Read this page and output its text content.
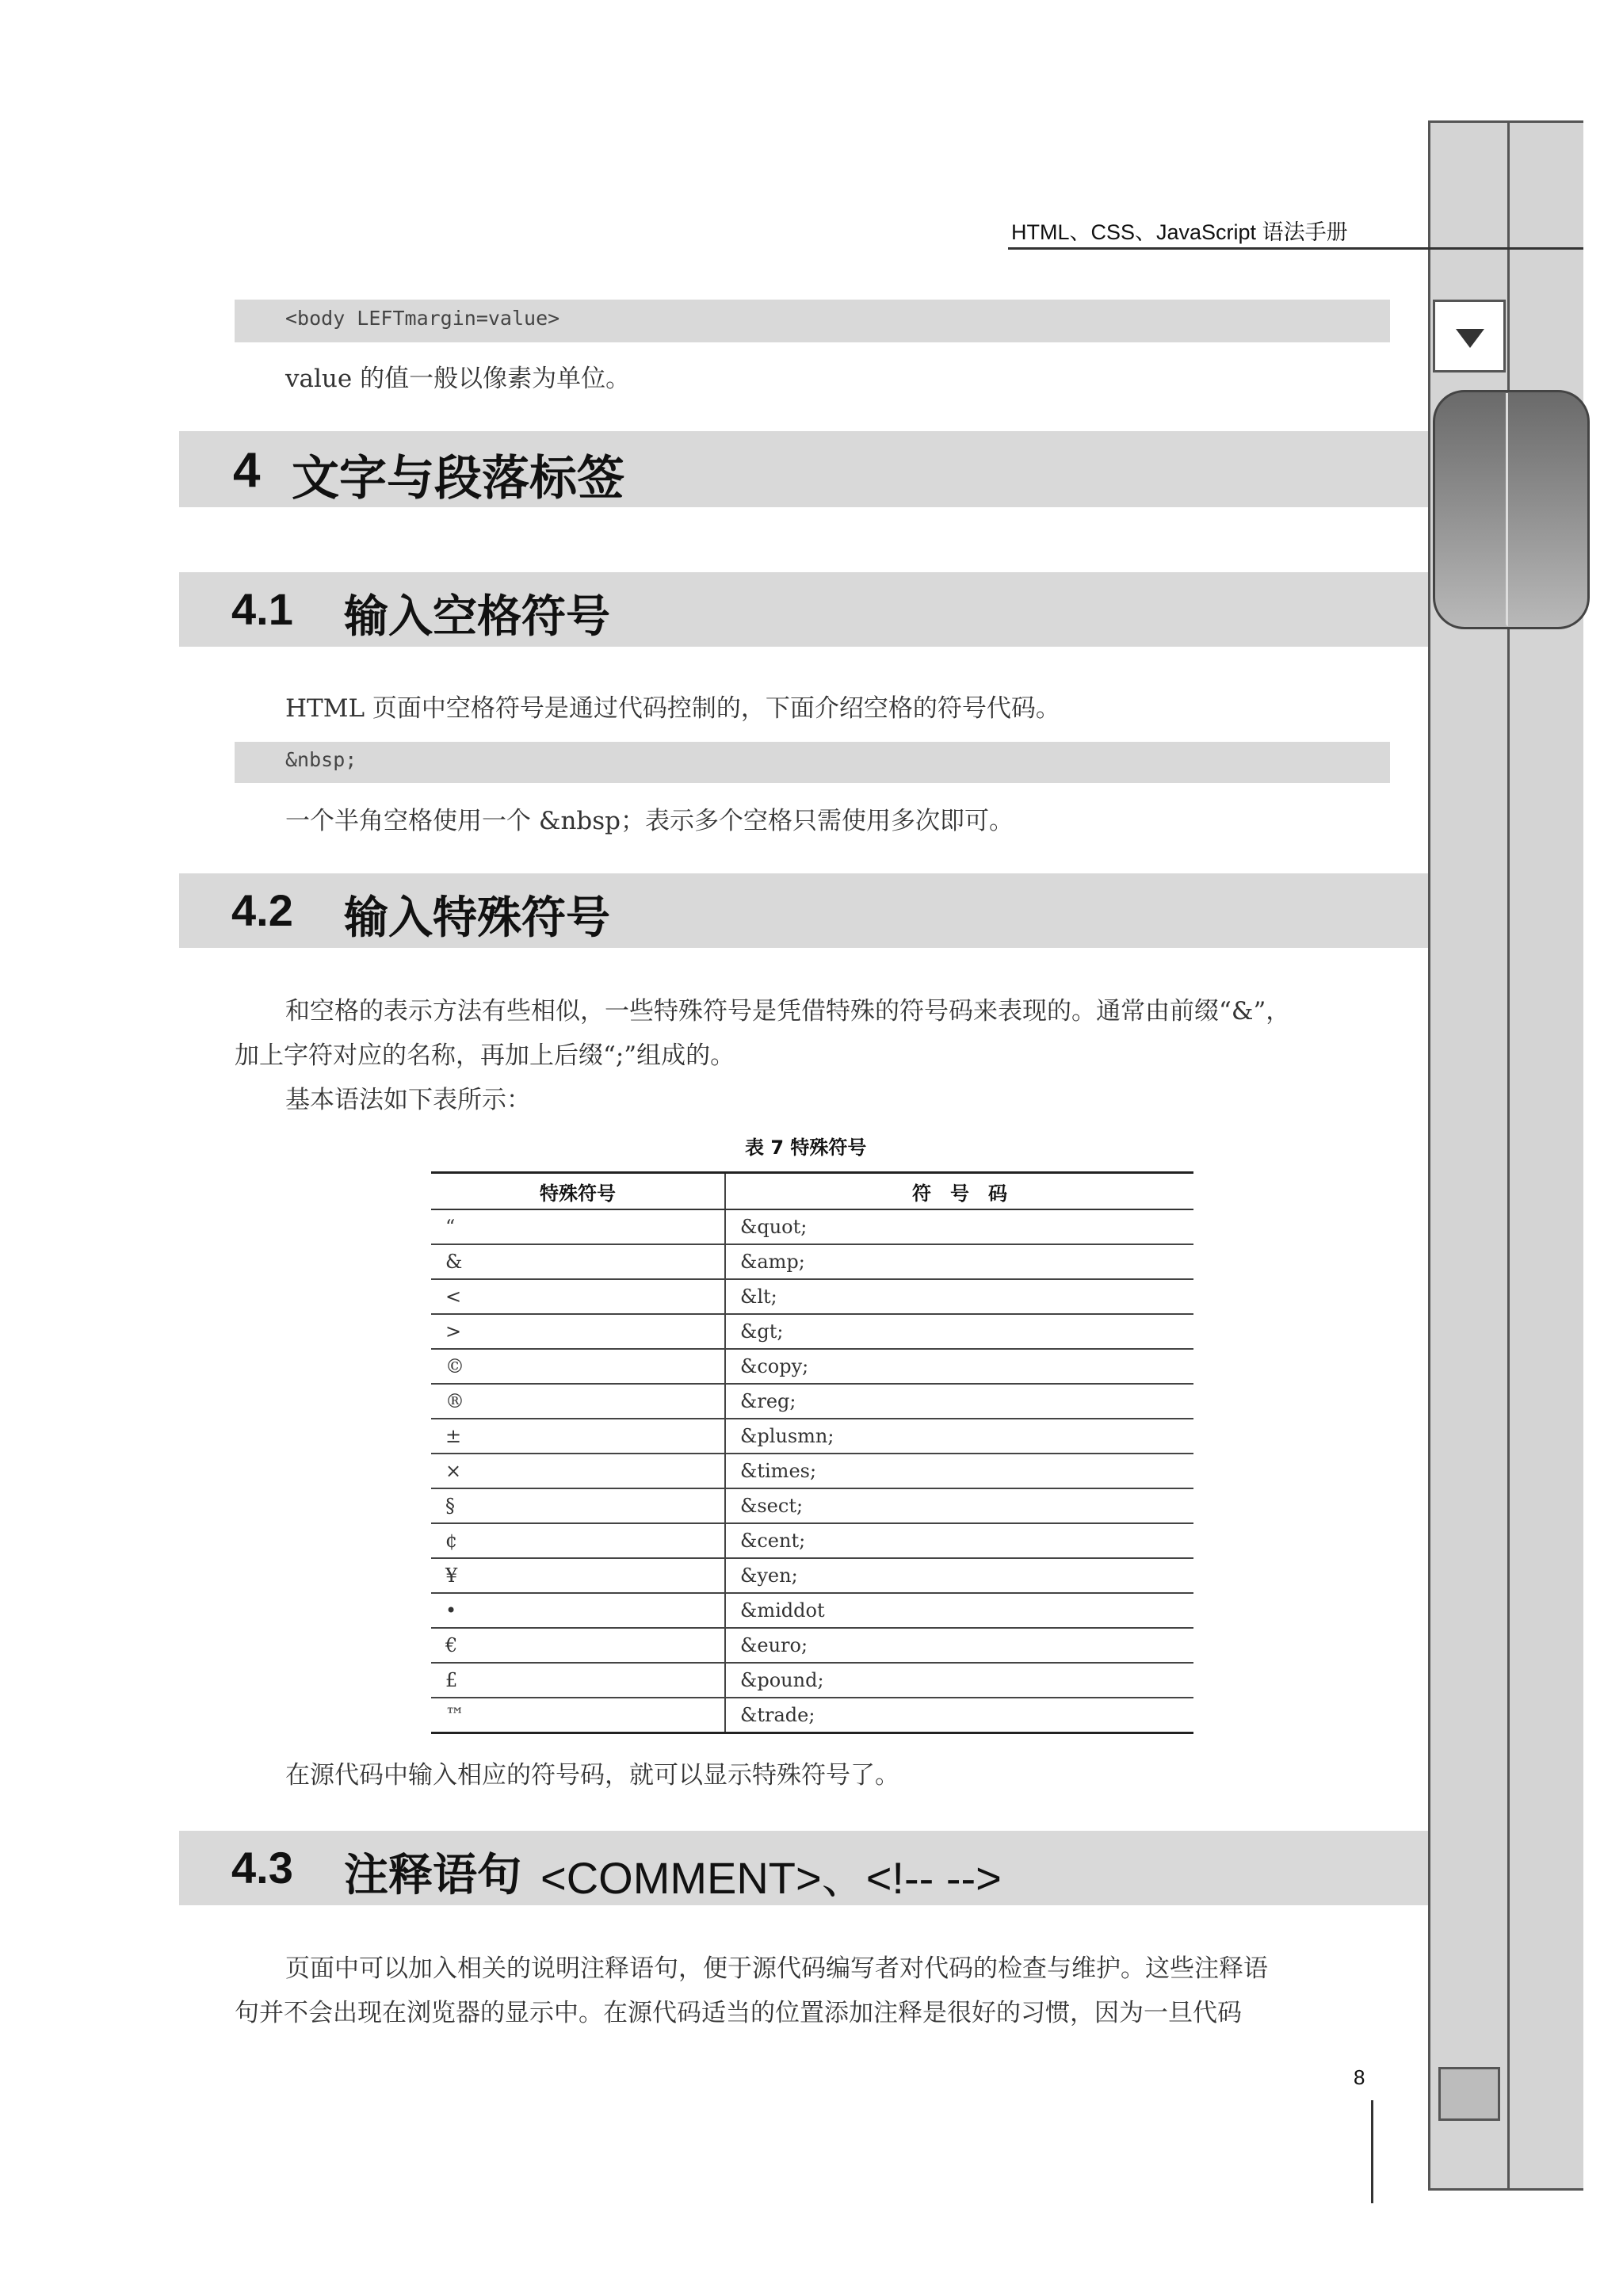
HTML、CSS、JavaScript 语法手册
<body LEFTmargin=value>
value 的值一般以像素为单位。
4 文字与段落标签
4.1 输入空格符号
HTML 页面中空格符号是通过代码控制的，下面介绍空格的符号代码。
&nbsp;
一个半角空格使用一个 &nbsp；表示多个空格只需使用多次即可。
4.2 输入特殊符号
和空格的表示方法有些相似，一些特殊符号是凭借特殊的符号码来表现的。通常由前缀“&”，
加上字符对应的名称，再加上后缀“;”组成的。
基本语法如下表所示：
表 7 特殊符号
特殊符号	符　号　码
“	&quot;
&	&amp;
<	&lt;
>	&gt;
©	&copy;
®	&reg;
±	&plusmn;
×	&times;
§	&sect;
¢	&cent;
¥	&yen;
•	&middot
€	&euro;
£	&pound;
™	&trade;
在源代码中输入相应的符号码，就可以显示特殊符号了。
4.3 注释语句 <COMMENT>、<!-- -->
页面中可以加入相关的说明注释语句，便于源代码编写者对代码的检查与维护。这些注释语
句并不会出现在浏览器的显示中。在源代码适当的位置添加注释是很好的习惯，因为一旦代码
8
